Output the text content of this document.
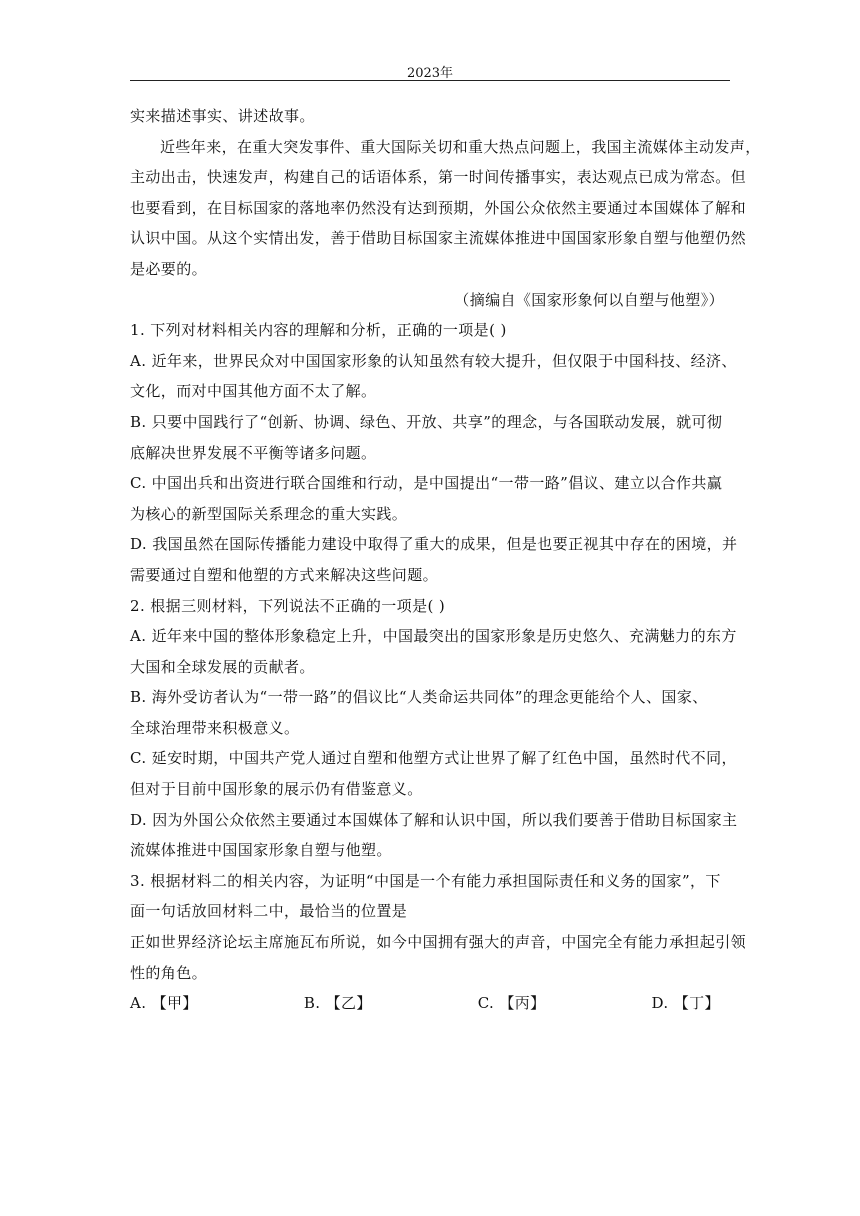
2023年
实来描述事实、讲述故事。
近些年来，在重大突发事件、重大国际关切和重大热点问题上，我国主流媒体主动发声，
主动出击，快速发声，构建自己的话语体系，第一时间传播事实，表达观点已成为常态。但
也要看到，在目标国家的落地率仍然没有达到预期，外国公众依然主要通过本国媒体了解和
认识中国。从这个实情出发，善于借助目标国家主流媒体推进中国国家形象自塑与他塑仍然
是必要的。
（摘编自《国家形象何以自塑与他塑》）
1. 下列对材料相关内容的理解和分析，正确的一项是( )
A. 近年来，世界民众对中国国家形象的认知虽然有较大提升，但仅限于中国科技、经济、
文化，而对中国其他方面不太了解。
B. 只要中国践行了“创新、协调、绿色、开放、共享”的理念，与各国联动发展，就可彻
底解决世界发展不平衡等诸多问题。
C. 中国出兵和出资进行联合国维和行动，是中国提出“一带一路”倡议、建立以合作共赢
为核心的新型国际关系理念的重大实践。
D. 我国虽然在国际传播能力建设中取得了重大的成果，但是也要正视其中存在的困境，并
需要通过自塑和他塑的方式来解决这些问题。
2. 根据三则材料，下列说法不正确的一项是( )
A. 近年来中国的整体形象稳定上升，中国最突出的国家形象是历史悠久、充满魅力的东方
大国和全球发展的贡献者。
B. 海外受访者认为“一带一路”的倡议比“人类命运共同体”的理念更能给个人、国家、
全球治理带来积极意义。
C. 延安时期，中国共产党人通过自塑和他塑方式让世界了解了红色中国，虽然时代不同，
但对于目前中国形象的展示仍有借鉴意义。
D. 因为外国公众依然主要通过本国媒体了解和认识中国，所以我们要善于借助目标国家主
流媒体推进中国国家形象自塑与他塑。
3. 根据材料二的相关内容，为证明“中国是一个有能力承担国际责任和义务的国家”，下
面一句话放回材料二中，最恰当的位置是
正如世界经济论坛主席施瓦布所说，如今中国拥有强大的声音，中国完全有能力承担起引领
性的角色。
A. 【甲】	B. 【乙】	C. 【丙】	D. 【丁】
